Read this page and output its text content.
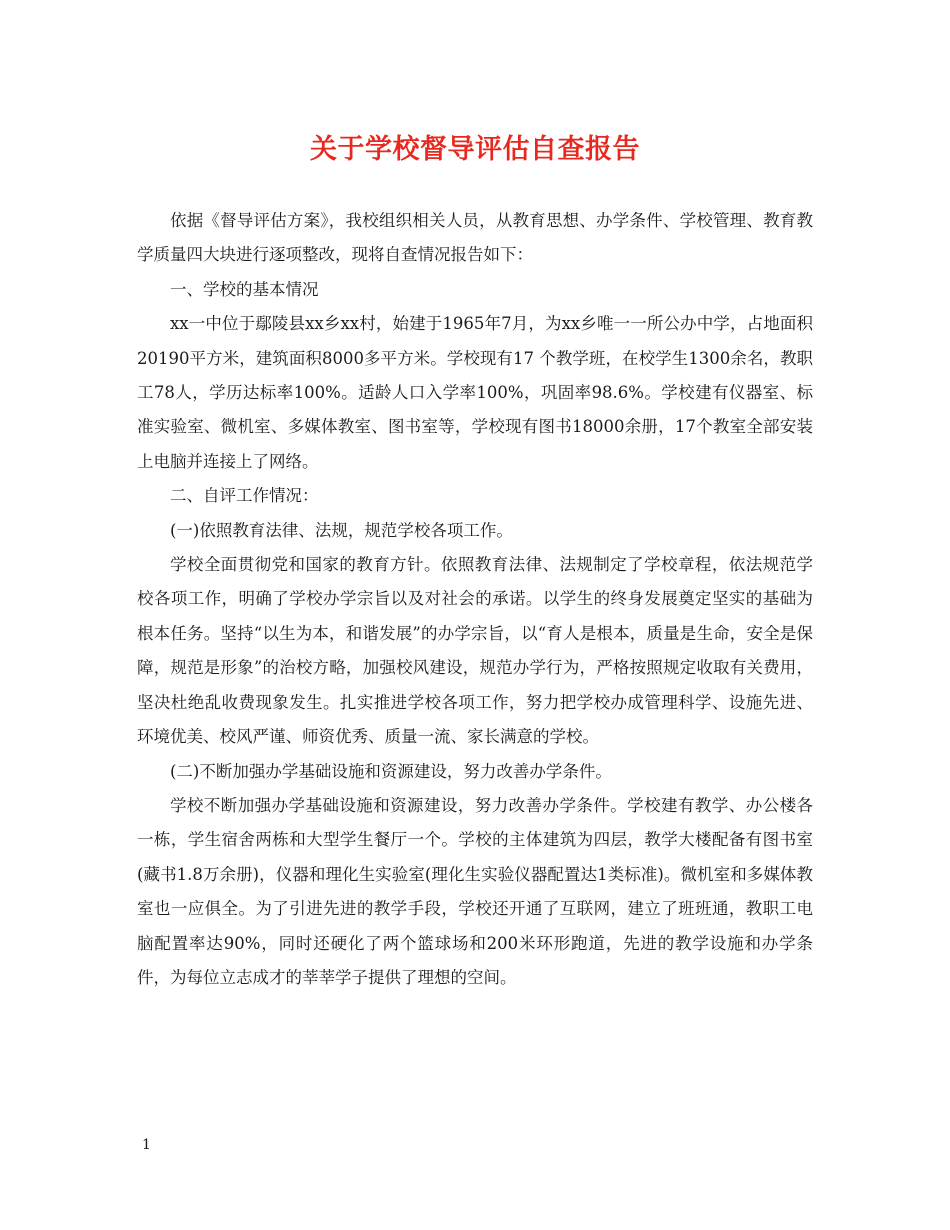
关于学校督导评估自查报告

依据《督导评估方案》，我校组织相关人员，从教育思想、办学条件、学校管理、教育教学质量四大块进行逐项整改，现将自查情况报告如下：

一、学校的基本情况

xx一中位于鄢陵县xx乡xx村，始建于1965年7月，为xx乡唯一一所公办中学，占地面积20190平方米，建筑面积8000多平方米。学校现有17 个教学班，在校学生1300余名，教职工78人，学历达标率100%。适龄人口入学率100%，巩固率98.6%。学校建有仪器室、标准实验室、微机室、多媒体教室、图书室等，学校现有图书18000余册，17个教室全部安装上电脑并连接上了网络。

二、自评工作情况：

(一)依照教育法律、法规，规范学校各项工作。

学校全面贯彻党和国家的教育方针。依照教育法律、法规制定了学校章程，依法规范学校各项工作，明确了学校办学宗旨以及对社会的承诺。以学生的终身发展奠定坚实的基础为根本任务。坚持“以生为本，和谐发展”的办学宗旨，以“育人是根本，质量是生命，安全是保障，规范是形象”的治校方略，加强校风建设，规范办学行为，严格按照规定收取有关费用，坚决杜绝乱收费现象发生。扎实推进学校各项工作，努力把学校办成管理科学、设施先进、环境优美、校风严谨、师资优秀、质量一流、家长满意的学校。

(二)不断加强办学基础设施和资源建设，努力改善办学条件。

学校不断加强办学基础设施和资源建设，努力改善办学条件。学校建有教学、办公楼各一栋，学生宿舍两栋和大型学生餐厅一个。学校的主体建筑为四层，教学大楼配备有图书室(藏书1.8万余册)，仪器和理化生实验室(理化生实验仪器配置达1类标准)。微机室和多媒体教室也一应俱全。为了引进先进的教学手段，学校还开通了互联网，建立了班班通，教职工电脑配置率达90%，同时还硬化了两个篮球场和200米环形跑道，先进的教学设施和办学条件，为每位立志成才的莘莘学子提供了理想的空间。

1
